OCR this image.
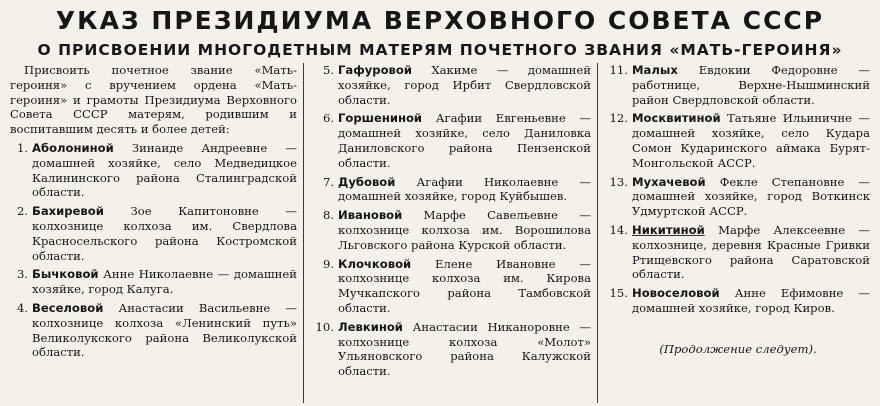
УКАЗ ПРЕЗИДИУМА ВЕРХОВНОГО СОВЕТА СССР
О ПРИСВОЕНИИ МНОГОДЕТНЫМ МАТЕРЯМ ПОЧЕТНОГО ЗВАНИЯ «МАТЬ-ГЕРОИНЯ»

Присвоить почетное звание «Мать-героиня» с вручением ордена «Мать-героиня» и грамоты Президиума Верховного Совета СССР матерям, родившим и воспитавшим десять и более детей:

1. Аболониной Зинаиде Андреевне — домашней хозяйке, село Медведицкое Калининского района Сталинградской области.
2. Бахиревой Зое Капитоновне — колхознице колхоза им. Свердлова Красносельского района Костромской области.
3. Бычковой Анне Николаевне — домашней хозяйке, город Калуга.
4. Веселовой Анастасии Васильевне — колхознице колхоза «Ленинский путь» Великолукского района Великолукской области.
5. Гафуровой Хакиме — домашней хозяйке, город Ирбит Свердловской области.
6. Горшениной Агафии Евгеньевне — домашней хозяйке, село Даниловка Даниловского района Пензенской области.
7. Дубовой Агафии Николаевне — домашней хозяйке, город Куйбышев.
8. Ивановой Марфе Савельевне — колхознице колхоза им. Ворошилова Льговского района Курской области.
9. Клочковой Елене Ивановне — колхознице колхоза им. Кирова Мучкапского района Тамбовской области.
10. Левкиной Анастасии Никаноровне — колхознице колхоза «Молот» Ульяновского района Калужской области.
11. Малых Евдокии Федоровне — работнице, Верхне-Нышминский район Свердловской области.
12. Москвитиной Татьяне Ильиничне — домашней хозяйке, село Кудара Сомон Кударинского аймака Бурят-Монгольской АССР.
13. Мухачевой Фекле Степановне — домашней хозяйке, город Воткинск Удмуртской АССР.
14. Никитиной Марфе Алексеевне — колхознице, деревня Красные Гривки Ртищевского района Саратовской области.
15. Новоселовой Анне Ефимовне — домашней хозяйке, город Киров.
(Продолжение следует).
